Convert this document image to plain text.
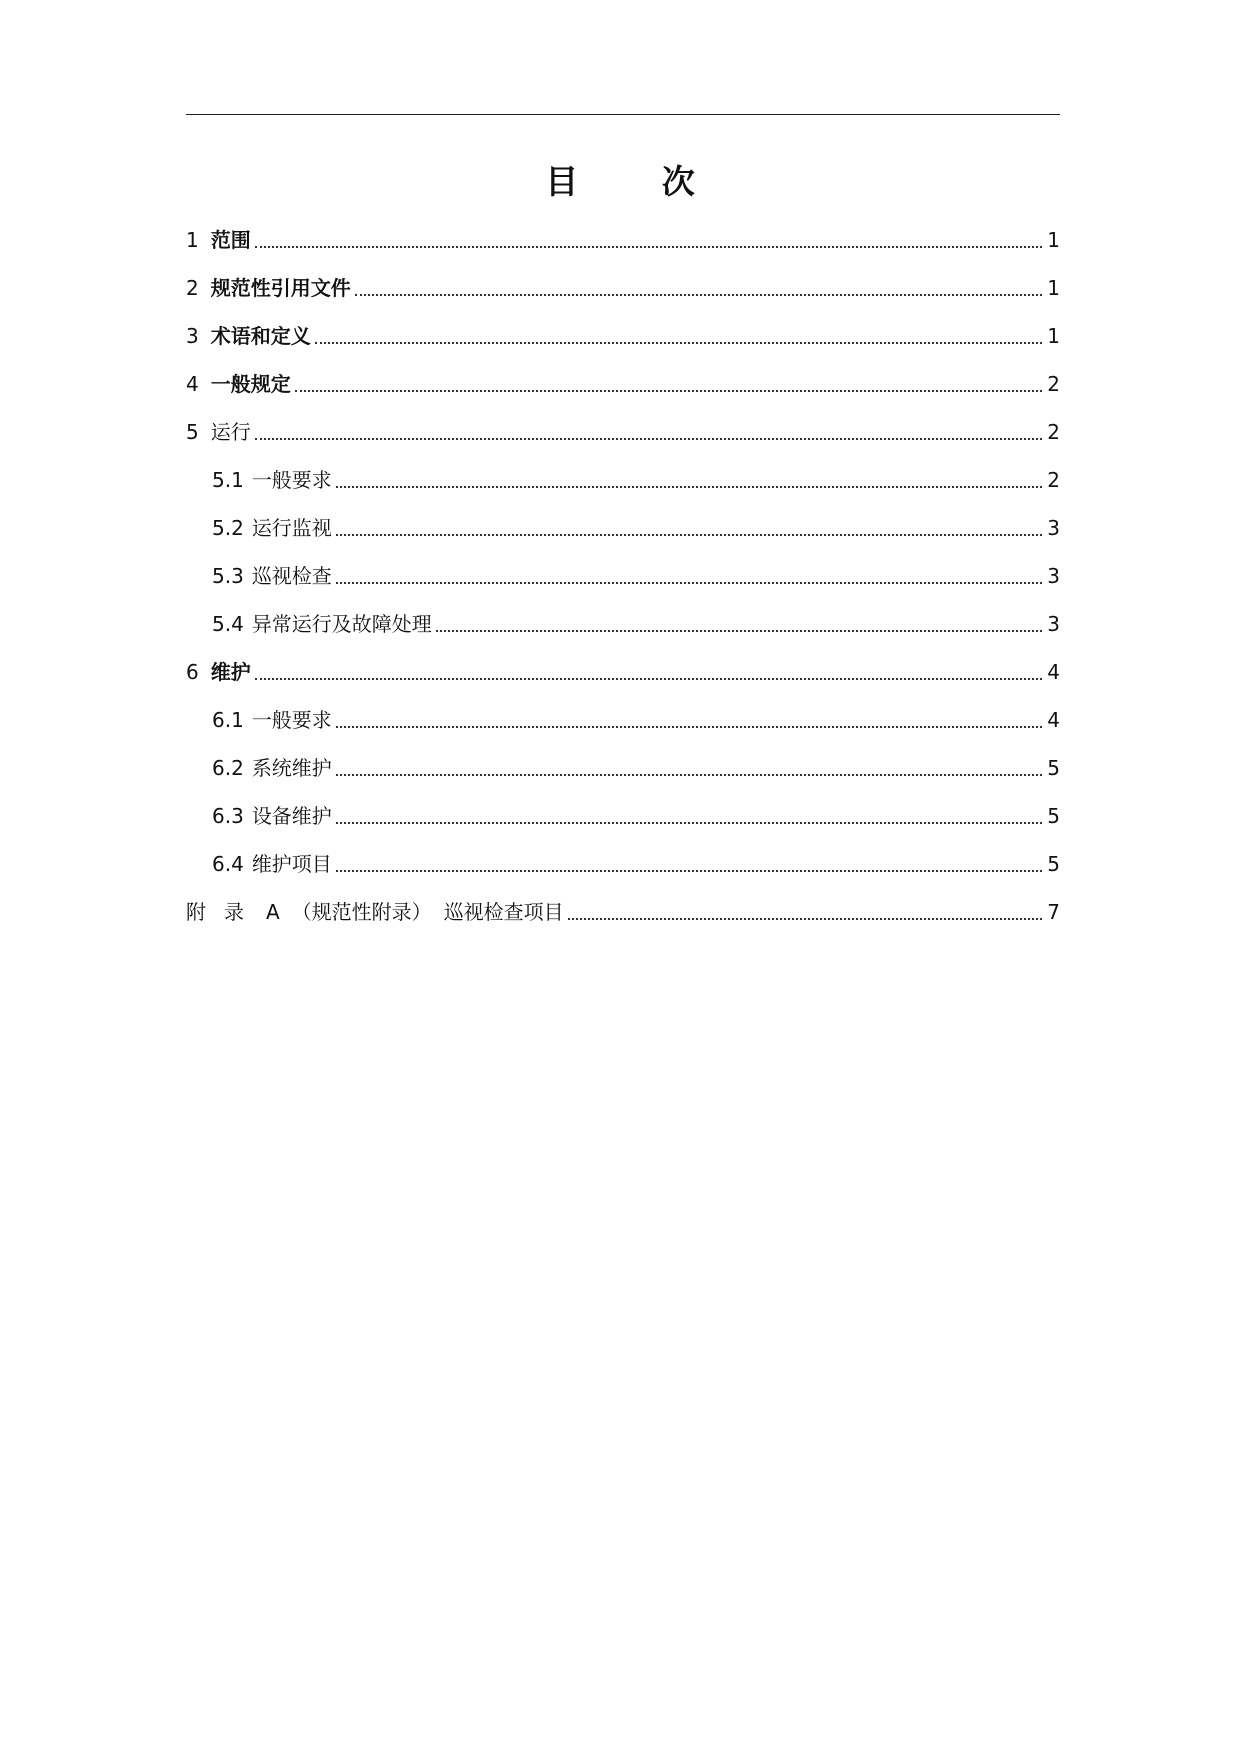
目 次
1 范围	1
2 规范性引用文件	1
3 术语和定义	1
4 一般规定	2
5 运行	2
5.1 一般要求	2
5.2 运行监视	3
5.3 巡视检查	3
5.4 异常运行及故障处理	3
6 维护	4
6.1 一般要求	4
6.2 系统维护	5
6.3 设备维护	5
6.4 维护项目	5
附录 A （规范性附录） 巡视检查项目	7
